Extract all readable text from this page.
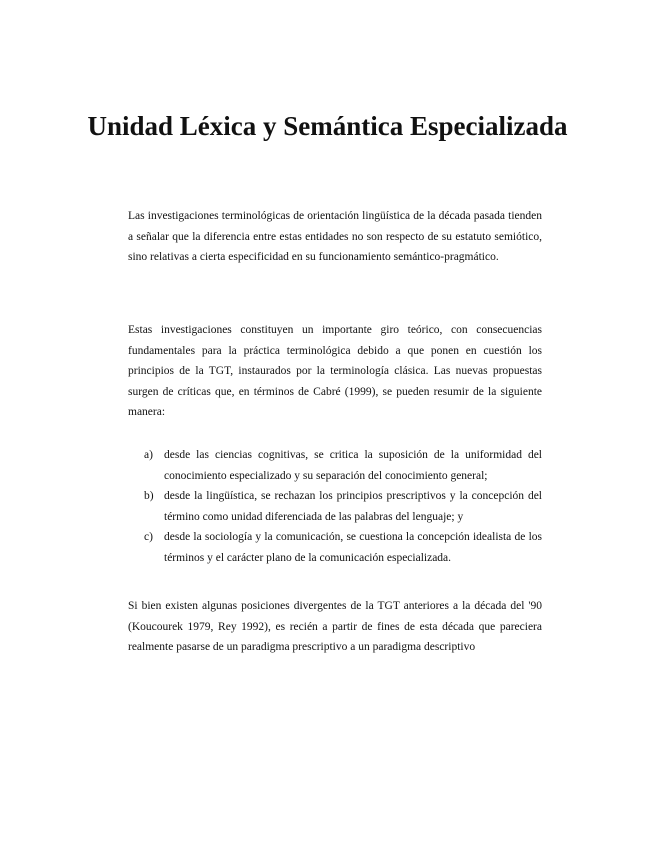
Unidad Léxica y Semántica Especializada

Las investigaciones terminológicas de orientación lingüística de la década pasada tienden a señalar que la diferencia entre estas entidades no son respecto de su estatuto semiótico, sino relativas a cierta especificidad en su funcionamiento semántico-pragmático.

Estas investigaciones constituyen un importante giro teórico, con consecuencias fundamentales para la práctica terminológica debido a que ponen en cuestión los principios de la TGT, instaurados por la terminología clásica. Las nuevas propuestas surgen de críticas que, en términos de Cabré (1999), se pueden resumir de la siguiente manera:

a) desde las ciencias cognitivas, se critica la suposición de la uniformidad del conocimiento especializado y su separación del conocimiento general;
b) desde la lingüística, se rechazan los principios prescriptivos y la concepción del término como unidad diferenciada de las palabras del lenguaje; y
c) desde la sociología y la comunicación, se cuestiona la concepción idealista de los términos y el carácter plano de la comunicación especializada.

Si bien existen algunas posiciones divergentes de la TGT anteriores a la década del '90 (Koucourek 1979, Rey 1992), es recién a partir de fines de esta década que pareciera realmente pasarse de un paradigma prescriptivo a un paradigma descriptivo
